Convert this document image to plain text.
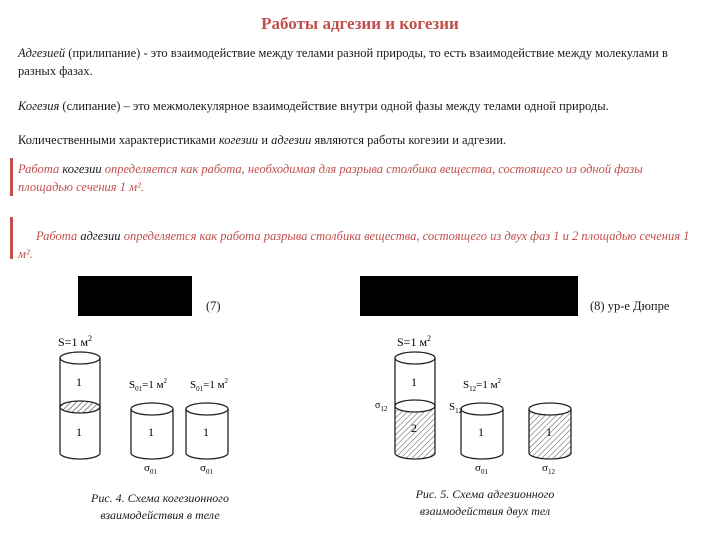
Работы адгезии и когезии
Адгезией (прилипание) - это взаимодействие между телами разной природы, то есть взаимодействие между молекулами в разных фазах.
Когезия (слипание) – это межмолекулярное взаимодействие внутри одной фазы между телами одной природы.
Количественными характеристиками когезии и адгезии являются работы когезии и адгезии.
Работа когезии определяется как работа, необходимая для разрыва столбика вещества, состоящего из одной фазы площадью сечения 1 м².
Работа адгезии определяется как работа разрыва столбика вещества, состоящего из двух фаз 1 и 2 площадью сечения 1 м².
(7)	(8) ур-е Дюпре
S=1 $м^2$
1
1
$S_{01}=1$ $м^2$ $S_{01}=1$ $м^2$
1	1
$\sigma_{01}$	$\sigma_{01}$
Рис. 4. Схема когезионного
взаимодействия в теле
S=1 $м^2$
1
2
$\sigma_{12}$	$S_{12}$
$S_{12}=1$ $м^2$
1	1
$\sigma_{01}$	$\sigma_{12}$
Рис. 5. Схема адгезионного
взаимодействия двух тел
